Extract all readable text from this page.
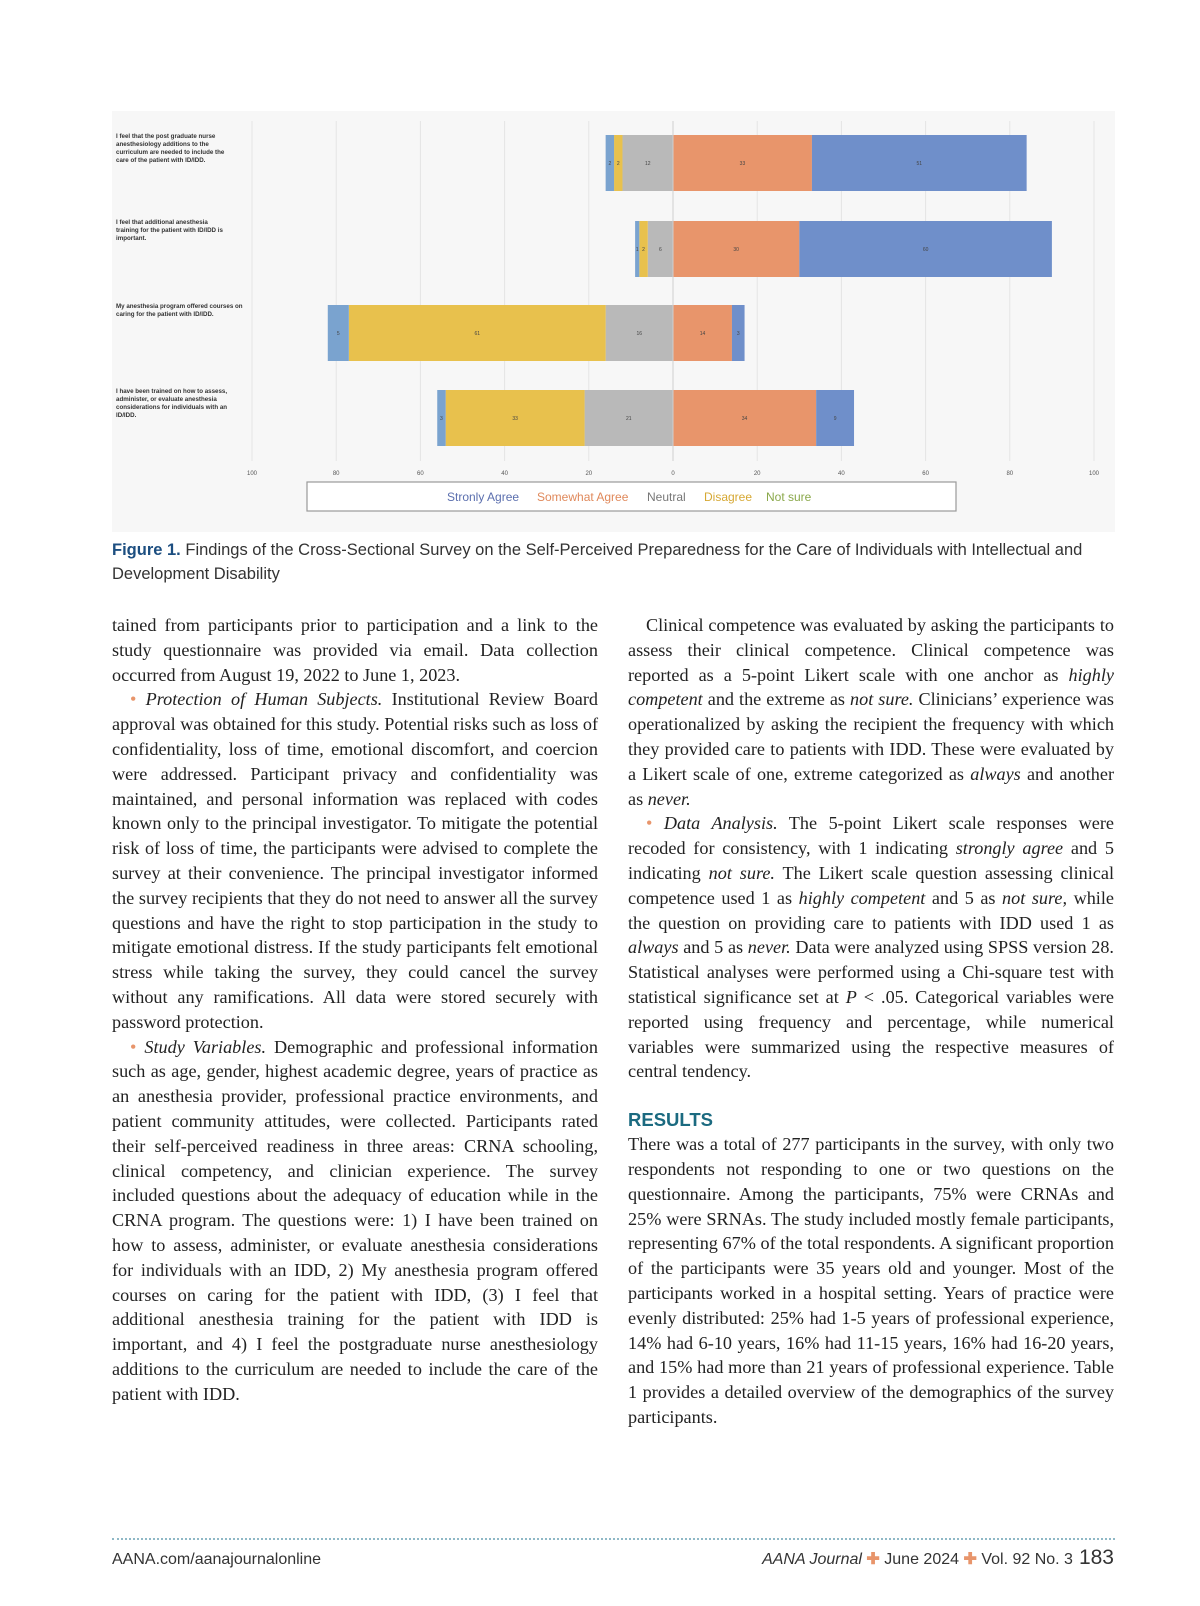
100	80	60	40	20	0	20	40	60	80	100
I feel that the post graduate nurse
anesthesiology additions to the
curriculum are needed to include the
care of the patient with ID/IDD.
I feel that additional anesthesia
training for the patient with ID/IDD is
important.
My anesthesia program offered courses on
caring for the patient with ID/IDD.
I have been trained on how to assess,
administer, or evaluate anesthesia
considerations for individuals with an
ID/IDD.
12
2
2	33	51
6
2
1	30	60
16
61
5	14	3
21
33
3	34	9
Stronly Agree Somewhat Agree Neutral Disagree Not sure
Figure 1. Findings of the Cross-Sectional Survey on the Self-Perceived Preparedness for the Care of Individuals with Intellectual and Development Disability

tained from participants prior to participation and a link to the study questionnaire was provided via email. Data collection occurred from August 19, 2022 to June 1, 2023.

• Protection of Human Subjects. Institutional Review Board approval was obtained for this study. Potential risks such as loss of confidentiality, loss of time, emotional discomfort, and coercion were addressed. Participant privacy and confidentiality was maintained, and personal information was replaced with codes known only to the principal investigator. To mitigate the potential risk of loss of time, the participants were advised to complete the survey at their convenience. The principal investigator informed the survey recipients that they do not need to answer all the survey questions and have the right to stop participation in the study to mitigate emotional distress. If the study participants felt emotional stress while taking the survey, they could cancel the survey without any ramifications. All data were stored securely with password protection.

• Study Variables. Demographic and professional information such as age, gender, highest academic degree, years of practice as an anesthesia provider, professional practice environments, and patient community attitudes, were collected. Participants rated their self-perceived readiness in three areas: CRNA schooling, clinical competency, and clinician experience. The survey included questions about the adequacy of education while in the CRNA program. The questions were: 1) I have been trained on how to assess, administer, or evaluate anesthesia considerations for individuals with an IDD, 2) My anesthesia program offered courses on caring for the patient with IDD, (3) I feel that additional anesthesia training for the patient with IDD is important, and 4) I feel the postgraduate nurse anesthesiology additions to the curriculum are needed to include the care of the patient with IDD.

Clinical competence was evaluated by asking the participants to assess their clinical competence. Clinical competence was reported as a 5-point Likert scale with one anchor as highly competent and the extreme as not sure. Clinicians’ experience was operationalized by asking the recipient the frequency with which they provided care to patients with IDD. These were evaluated by a Likert scale of one, extreme categorized as always and another as never.

• Data Analysis. The 5-point Likert scale responses were recoded for consistency, with 1 indicating strongly agree and 5 indicating not sure. The Likert scale question assessing clinical competence used 1 as highly competent and 5 as not sure, while the question on providing care to patients with IDD used 1 as always and 5 as never. Data were analyzed using SPSS version 28. Statistical analyses were performed using a Chi-square test with statistical significance set at P < .05. Categorical variables were reported using frequency and percentage, while numerical variables were summarized using the respective measures of central tendency.

RESULTS

There was a total of 277 participants in the survey, with only two respondents not responding to one or two questions on the questionnaire. Among the participants, 75% were CRNAs and 25% were SRNAs. The study included mostly female participants, representing 67% of the total respondents. A significant proportion of the participants were 35 years old and younger. Most of the participants worked in a hospital setting. Years of practice were evenly distributed: 25% had 1-5 years of professional experience, 14% had 6-10 years, 16% had 11-15 years, 16% had 16-20 years, and 15% had more than 21 years of professional experience. Table 1 provides a detailed overview of the demographics of the survey participants.

AANA.com/aanajournalonline	AANA Journal ✚ June 2024 ✚ Vol. 92 No. 3 183
